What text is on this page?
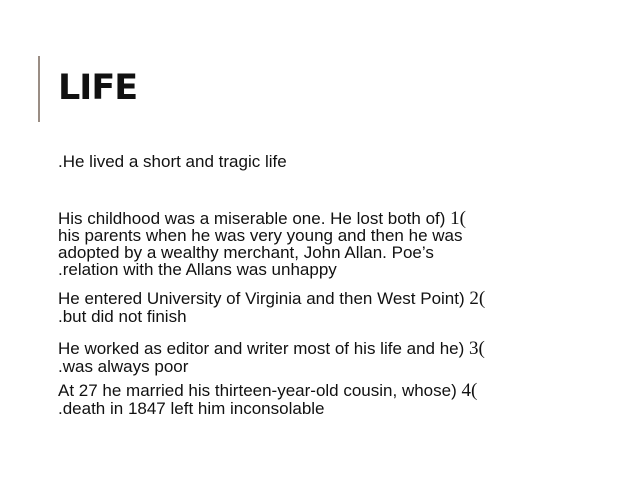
LIFE
.He lived a short and tragic life
His childhood was a miserable one. He lost both of) 1(
his parents when he was very young and then he was
adopted by a wealthy merchant, John Allan. Poe’s
.relation with the Allans was unhappy
He entered University of Virginia and then West Point) 2(
.but did not finish
He worked as editor and writer most of his life and he) 3(
.was always poor
At 27 he married his thirteen-year-old cousin, whose) 4(
.death in 1847 left him inconsolable
